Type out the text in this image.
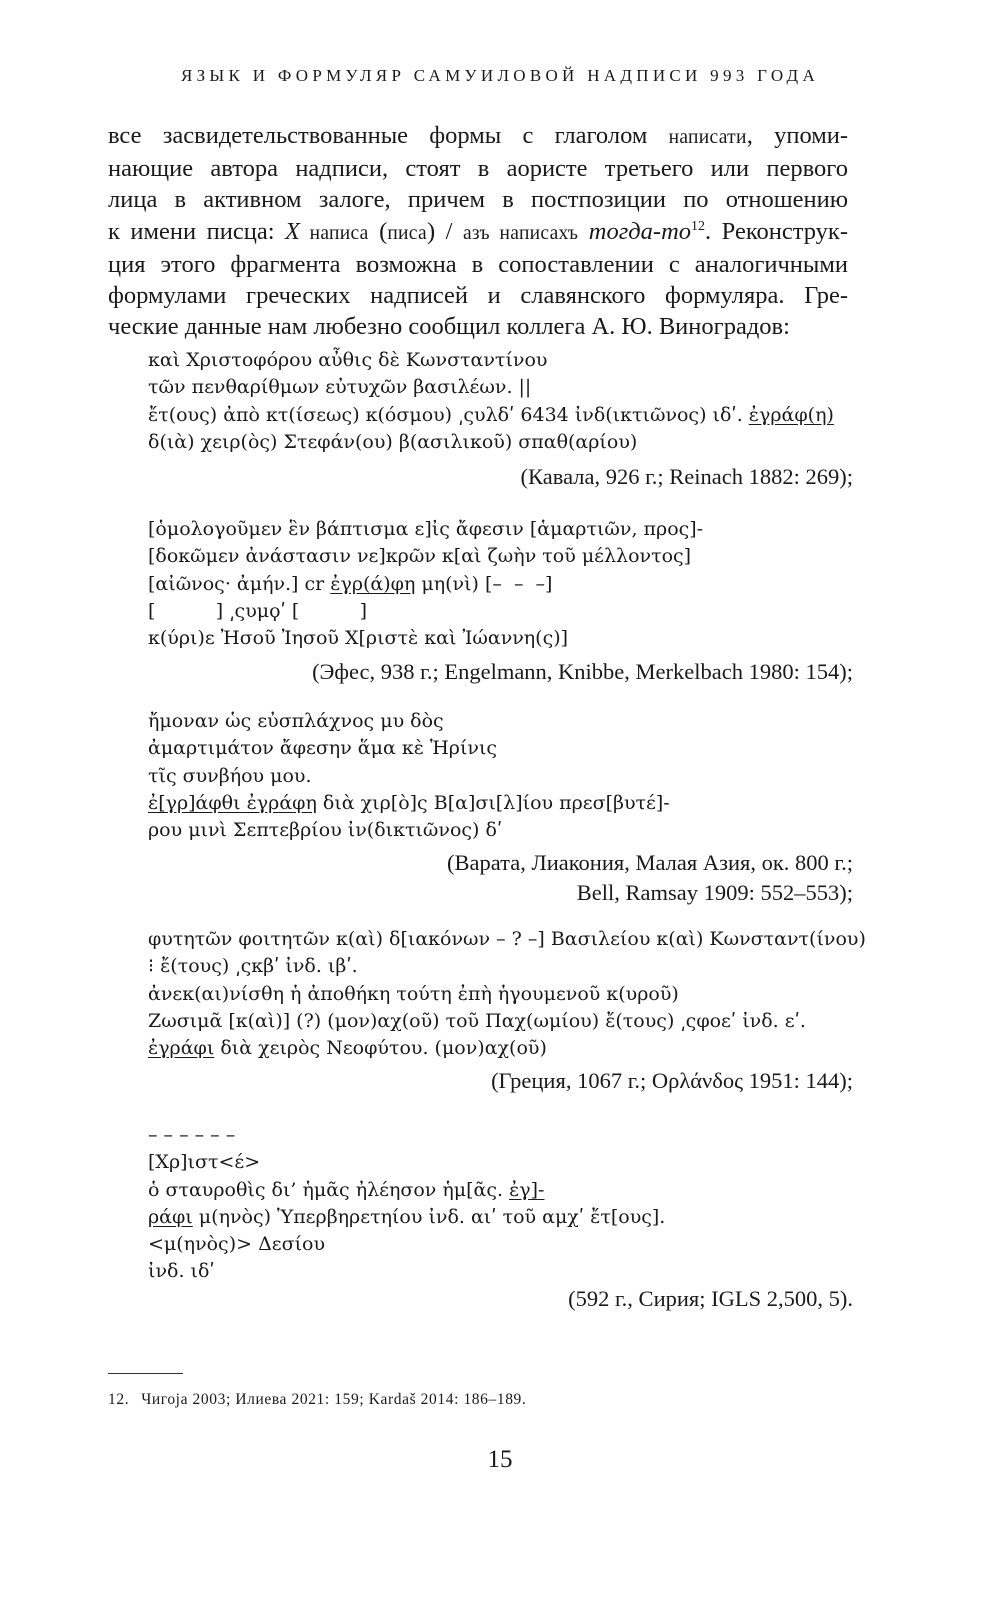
ЯЗЫК И ФОРМУЛЯР САМУИЛОВОЙ НАДПИСИ 993 ГОДА
все засвидетельствованные формы с глаголом написати, упоми-
нающие автора надписи, стоят в аористе третьего или первого
лица в активном залоге, причем в постпозиции по отношению
к имени писца: X написа (писа) / азъ написахъ тогда-то$^{12}$. Реконструк-
ция этого фрагмента возможна в сопоставлении с аналогичными
формулами греческих надписей и славянского формуляра. Гре-
ческие данные нам любезно сообщил коллега А. Ю. Виноградов:
καὶ Χριστοφόρου αὖθις δὲ Κωνσταντίνου
τῶν πενθαρίθμων εὐτυχῶν βασιλέων. ||
ἔτ(ους) ἀπὸ κτ(ίσεως) κ(όσμου) ͵ςυλδʹ 6434 ἰνδ(ικτιῶνος) ιδʹ. ἐγράφ(η)
δ(ιὰ) χειρ(ὸς) Στεφάν(ου) β(ασιλικοῦ) σπαθ(αρίου)
(Кавала, 926 г.; Reinach 1882: 269);
[ὁμολογοῦμεν ἓν βάπτισμα ε]ἰς ἄφεσιν [ἁμαρτιῶν, προς]-
[δοκῶμεν ἀνάστασιν νε]κρῶν κ[αὶ ζωὴν τοῦ μέλλοντος]
[αἰῶνος· ἀμήν.] cr ἐγρ(ά)φη μη(νὶ) [–  –  –]
[          ] ͵ςυμϙʹ [          ]
κ(ύρι)ε Ἠσοῦ Ἰησοῦ Χ[ριστὲ καὶ Ἰώαννη(ς)]
(Эфес, 938 г.; Engelmann, Knibbe, Merkelbach 1980: 154);
ἤμοναν ὡς εὐσπλάχνος μυ δὸς
ἀμαρτιμάτον ἄφεσην ἅμα κὲ Ἡρίνις
τῖς συνβήου μου.
ἐ[γρ]άφθι ἐγράφη διὰ χιρ[ὸ]ς Β[α]σι[λ]ίου πρεσ[βυτέ]-
ρου μινὶ Σεπτεβρίου ἰν(δικτιῶνος) δʹ
(Варата, Лиакония, Малая Азия, ок. 800 г.;
Bell, Ramsay 1909: 552–553);
φυτητῶν φοιτητῶν κ(αὶ) δ[ιακόνων – ? –] Βασιλείου κ(αὶ) Κωνσταντ(ίνου)
⁝ ἔ(τους) ͵ςκβʹ ἰνδ. ιβʹ.
ἀνεκ(αι)νίσθη ἡ ἀποθήκη τούτη ἐπὴ ἡγουμενοῦ κ(υροῦ)
Ζωσιμᾶ [κ(αὶ)] (?) (μον)αχ(οῦ) τοῦ Παχ(ωμίου) ἔ(τους) ͵ςφοεʹ ἰνδ. εʹ.
ἐγράφι διὰ χειρὸς Νεοφύτου. (μον)αχ(οῦ)
(Греция, 1067 г.; Ορλάνδος 1951: 144);
– – – – – –
[Χρ]ιστ<έ>
ὁ σταυροθὶς δι’ ἡμᾶς ἠλέησον ἡμ[ᾶς. ἐγ]-
ράφι μ(ηνὸς) Ὑπερβηρετηίου ἰνδ. αιʹ τοῦ αμχʹ ἔτ[ους].
<μ(ηνὸς)> Δεσίου
ἰνδ. ιδʹ
(592 г., Сирия; IGLS 2,500, 5).
12. Чигоја 2003; Илиева 2021: 159; Kardaš 2014: 186–189.
15
